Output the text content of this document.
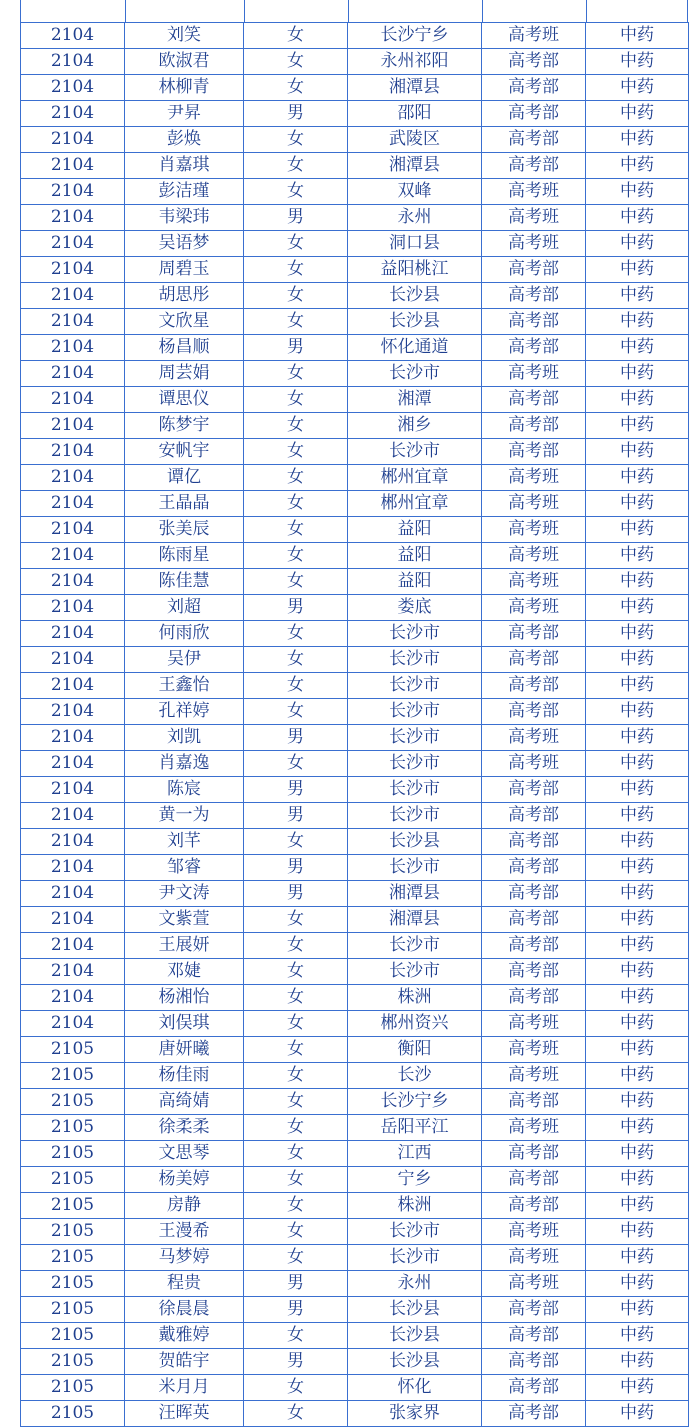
2104	刘笑	女	长沙宁乡	高考班	中药
2104	欧淑君	女	永州祁阳	高考部	中药
2104	林柳青	女	湘潭县	高考部	中药
2104	尹昇	男	邵阳	高考部	中药
2104	彭焕	女	武陵区	高考部	中药
2104	肖嘉琪	女	湘潭县	高考部	中药
2104	彭洁瑾	女	双峰	高考班	中药
2104	韦梁玮	男	永州	高考班	中药
2104	吴语梦	女	洞口县	高考班	中药
2104	周碧玉	女	益阳桃江	高考部	中药
2104	胡思彤	女	长沙县	高考部	中药
2104	文欣星	女	长沙县	高考部	中药
2104	杨昌顺	男	怀化通道	高考部	中药
2104	周芸娟	女	长沙市	高考班	中药
2104	谭思仪	女	湘潭	高考部	中药
2104	陈梦宇	女	湘乡	高考部	中药
2104	安帆宇	女	长沙市	高考部	中药
2104	谭亿	女	郴州宜章	高考班	中药
2104	王晶晶	女	郴州宜章	高考班	中药
2104	张美辰	女	益阳	高考班	中药
2104	陈雨星	女	益阳	高考班	中药
2104	陈佳慧	女	益阳	高考班	中药
2104	刘超	男	娄底	高考班	中药
2104	何雨欣	女	长沙市	高考部	中药
2104	吴伊	女	长沙市	高考部	中药
2104	王鑫怡	女	长沙市	高考部	中药
2104	孔祥婷	女	长沙市	高考部	中药
2104	刘凯	男	长沙市	高考班	中药
2104	肖嘉逸	女	长沙市	高考班	中药
2104	陈宸	男	长沙市	高考部	中药
2104	黄一为	男	长沙市	高考部	中药
2104	刘芊	女	长沙县	高考部	中药
2104	邹睿	男	长沙市	高考部	中药
2104	尹文涛	男	湘潭县	高考部	中药
2104	文紫萱	女	湘潭县	高考部	中药
2104	王展妍	女	长沙市	高考部	中药
2104	邓婕	女	长沙市	高考部	中药
2104	杨湘怡	女	株洲	高考部	中药
2104	刘俣琪	女	郴州资兴	高考班	中药
2105	唐妍曦	女	衡阳	高考班	中药
2105	杨佳雨	女	长沙	高考班	中药
2105	高绮婧	女	长沙宁乡	高考部	中药
2105	徐柔柔	女	岳阳平江	高考班	中药
2105	文思琴	女	江西	高考部	中药
2105	杨美婷	女	宁乡	高考部	中药
2105	房静	女	株洲	高考部	中药
2105	王漫希	女	长沙市	高考班	中药
2105	马梦婷	女	长沙市	高考班	中药
2105	程贵	男	永州	高考班	中药
2105	徐晨晨	男	长沙县	高考部	中药
2105	戴雅婷	女	长沙县	高考部	中药
2105	贺皓宇	男	长沙县	高考部	中药
2105	米月月	女	怀化	高考部	中药
2105	汪晖英	女	张家界	高考部	中药
